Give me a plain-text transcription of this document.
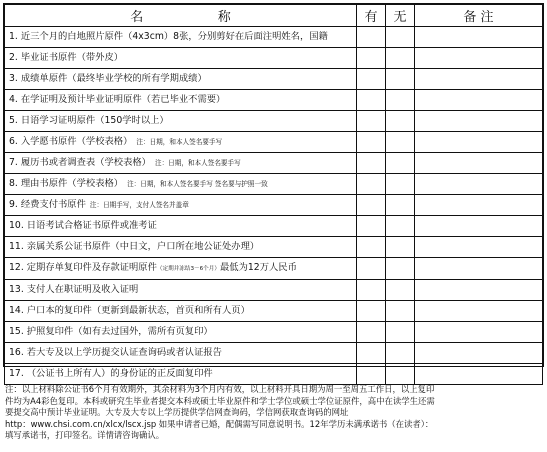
名 称	有	无	备 注
1. 近三个月的白地照片原件（4x3cm）8张，分别剪好在后面注明姓名，国籍			
2. 毕业证书原件（带外皮）			
3. 成绩单原件（最终毕业学校的所有学期成绩）			
4. 在学证明及预计毕业证明原件（若已毕业不需要）			
5. 日语学习证明原件（150学时以上）			
6. 入学愿书原件（学校表格） 注：日期，和本人签名要手写			
7. 履历书或者调查表（学校表格） 注：日期，和本人签名要手写			
8. 理由书原件（学校表格） 注：日期，和本人签名要手写 签名要与护照一致			
9. 经费支付书原件 注：日期手写，支付人签名并盖章			
10. 日语考试合格证书原件或准考证			
11. 亲属关系公证书原件（中日文，户口所在地公证处办理）			
12. 定期存单复印件及存款证明原件（定期并冻结3－6个月）最低为12万人民币			
13. 支付人在职证明及收入证明			
14. 户口本的复印件（更新到最新状态，首页和所有人页）			
15. 护照复印件（如有去过国外，需所有页复印）			
16. 若大专及以上学历提交认证查询码或者认证报告			
17. （公证书上所有人）的身份证的正反面复印件			

注：以上材料除公证书6个月有效期外，其余材料为3个月内有效，以上材料开具日期为周一至周五工作日，以上复印

件均为A4彩色复印。本科或研究生毕业者提交本科或硕士毕业原件和学士学位或硕士学位证原件，高中在读学生还需

要提交高中预计毕业证明。大专及大专以上学历提供学信网查询码，学信网获取查询码的网址

http：www.chsi.com.cn/xlcx/lscx.jsp 如果申请者已婚，配偶需写同意说明书。12年学历未满承诺书（在读者）：

填写承诺书，打印签名。详情请咨询确认。
